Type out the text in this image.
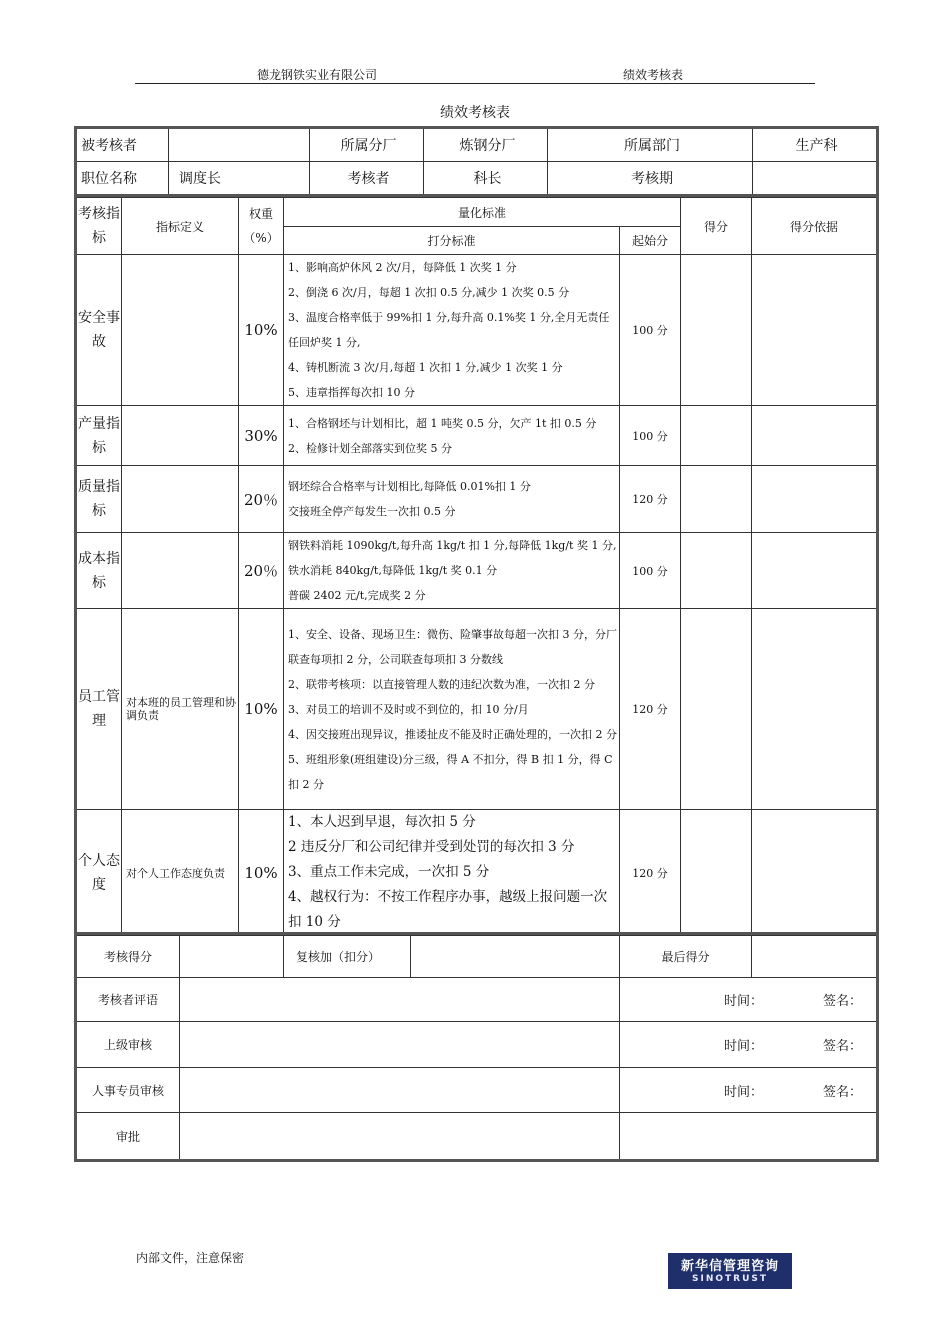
德龙钢铁实业有限公司	绩效考核表
绩效考核表
被考核者		所属分厂	炼钢分厂	所属部门	生产科
职位名称	调度长	考核者	科长	考核期	
考核指标	指标定义	权重（%）	量化标准		得分	得分依据
			打分标准	起始分		
安全事故		10%	1、影响高炉休风 2 次/月，每降低 1 次奖 1 分
2、倒浇 6 次/月，每超 1 次扣 0.5 分,减少 1 次奖 0.5 分
3、温度合格率低于 99%扣 1 分,每升高 0.1%奖 1 分,全月无责任任回炉奖 1 分,
4、铸机断流 3 次/月,每超 1 次扣 1 分,减少 1 次奖 1 分
5、违章指挥每次扣 10 分	100 分		
产量指标		30%	1、合格钢坯与计划相比，超 1 吨奖 0.5 分，欠产 1t 扣 0.5 分
2、检修计划全部落实到位奖 5 分	100 分		
质量指标		20％	钢坯综合合格率与计划相比,每降低 0.01%扣 1 分
交接班全停产每发生一次扣 0.5 分	120 分		
成本指标		20％	钢铁料消耗 1090kg/t,每升高 1kg/t 扣 1 分,每降低 1kg/t 奖 1 分,铁水消耗 840kg/t,每降低 1kg/t 奖 0.1 分
普碳 2402 元/t,完成奖 2 分	100 分		
员工管理	对本班的员工管理和协调负责	10%	1、安全、设备、现场卫生：微伤、险肇事故每超一次扣 3 分，分厂联查每项扣 2 分，公司联查每项扣 3 分数线
2、联带考核项：以直接管理人数的违纪次数为准，一次扣 2 分
3、对员工的培训不及时或不到位的，扣 10 分/月
4、因交接班出现异议，推诿扯皮不能及时正确处理的，一次扣 2 分
5、班组形象(班组建设)分三级，得 A 不扣分，得 B 扣 1 分，得 C 扣 2 分	120 分		
个人态度	对个人工作态度负责	10%	1、本人迟到早退，每次扣 5 分
2 违反分厂和公司纪律并受到处罚的每次扣 3 分
3、重点工作未完成，一次扣 5 分
4、越权行为：不按工作程序办事，越级上报问题一次扣 10 分	120 分		
考核得分		复核加（扣分）		最后得分	
考核者评语				时间： 签名：	

上级审核				时间： 签名：	

人事专员审核				时间： 签名：	

审批					
内部文件，注意保密
新华信管理咨询
SINOTRUST
